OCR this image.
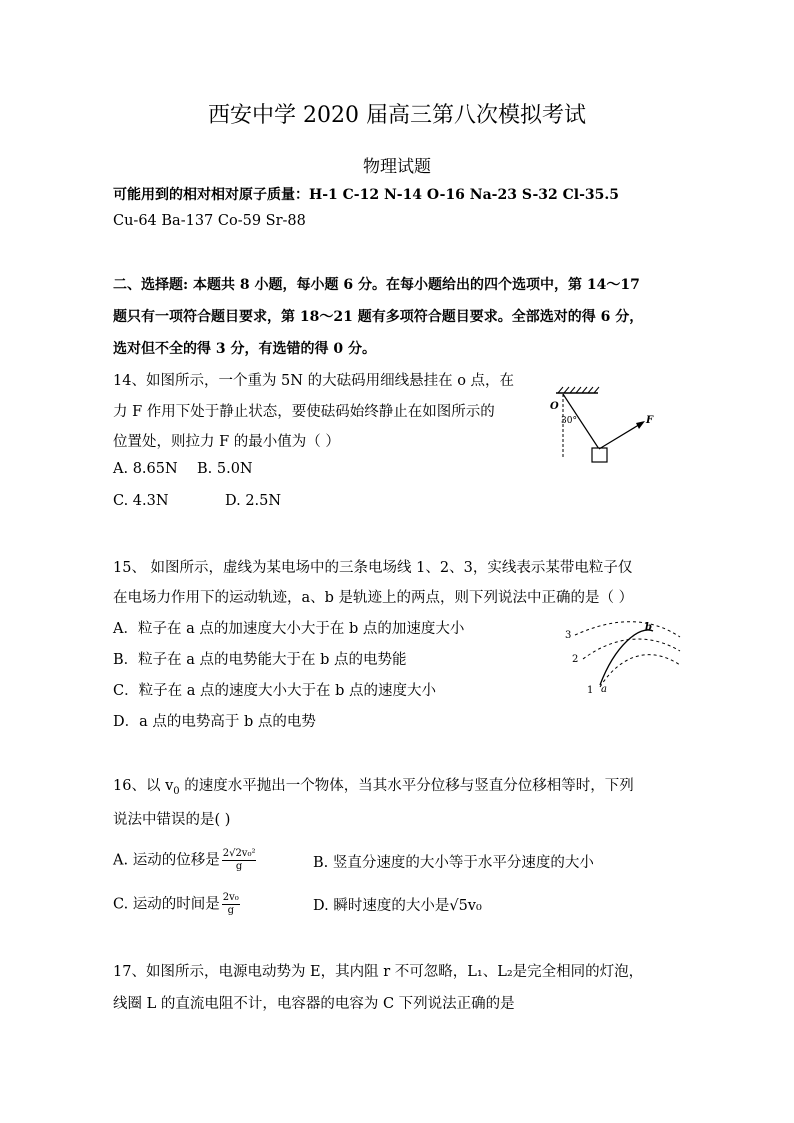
西安中学 2020 届高三第八次模拟考试
物理试题
可能用到的相对相对原子质量：H-1 C-12 N-14 O-16 Na-23 S-32 Cl-35.5
Cu-64 Ba-137 Co-59 Sr-88
二、选择题: 本题共 8 小题，每小题 6 分。在每小题给出的四个选项中，第 14～17
题只有一项符合题目要求，第 18～21 题有多项符合题目要求。全部选对的得 6 分，
选对但不全的得 3 分，有选错的得 0 分。
14、如图所示，一个重为 5N 的大砝码用细线悬挂在 o 点，在
力 F 作用下处于静止状态，要使砝码始终静止在如图所示的
位置处，则拉力 F 的最小值为（ ）
A. 8.65N B. 5.0N
C. 4.3N	D. 2.5N
O
30°	F
15、 如图所示，虚线为某电场中的三条电场线 1、2、3，实线表示某带电粒子仅
在电场力作用下的运动轨迹，a、b 是轨迹上的两点，则下列说法中正确的是（ ）
A．粒子在 a 点的加速度大小大于在 b 点的加速度大小
B．粒子在 a 点的电势能大于在 b 点的电势能
C．粒子在 a 点的速度大小大于在 b 点的速度大小
D．a 点的电势高于 b 点的电势
3
2
1 a
b
16、以 $v_0$ 的速度水平抛出一个物体，当其水平分位移与竖直分位移相等时，下列
说法中错误的是( )
A. 运动的位移是 $\frac{\text{2√2v₀²}}{g}$	B. 竖直分速度的大小等于水平分速度的大小
C. 运动的时间是 $\frac{\text{2v₀}}{g}$	D. 瞬时速度的大小是√5v₀
17、如图所示，电源电动势为 E，其内阻 r 不可忽略，L₁、L₂是完全相同的灯泡，
线圈 L 的直流电阻不计，电容器的电容为 C 下列说法正确的是
